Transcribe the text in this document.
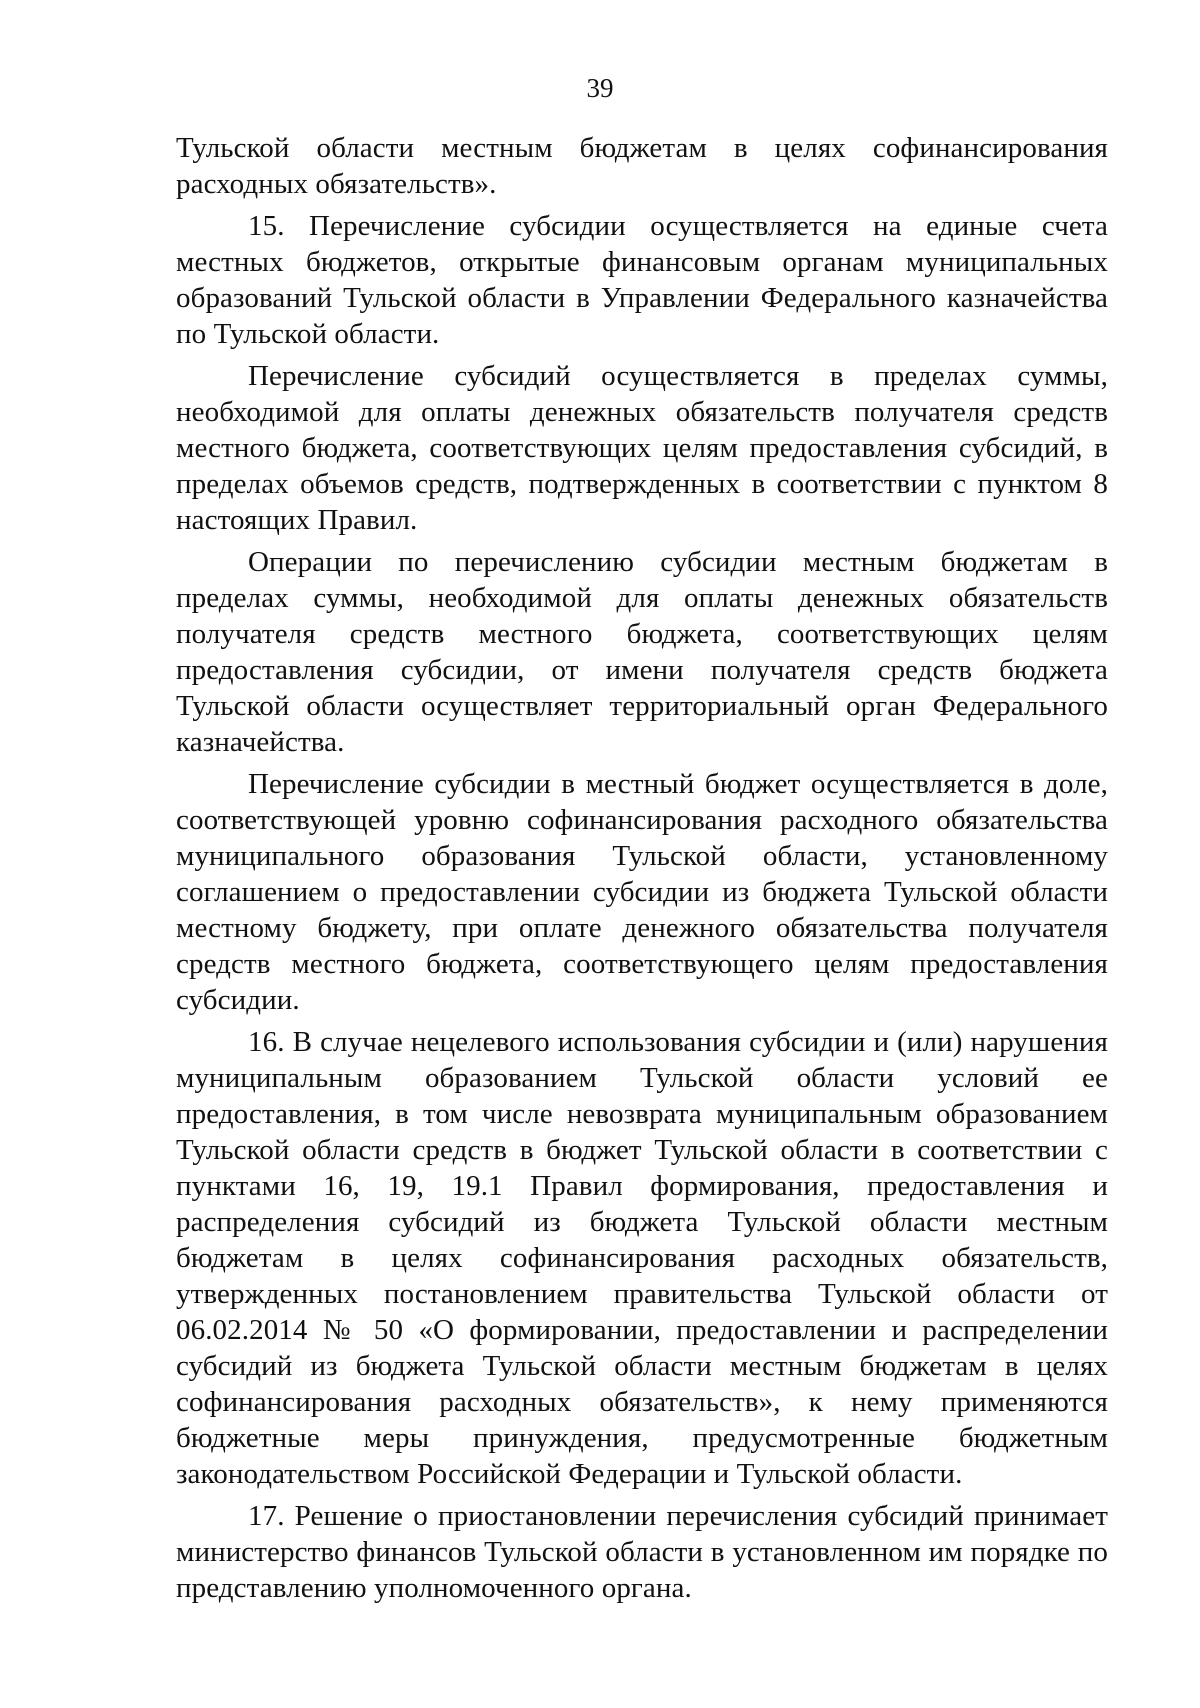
39

Тульской области местным бюджетам в целях софинансирования расходных обязательств».

15. Перечисление субсидии осуществляется на единые счета местных бюджетов, открытые финансовым органам муниципальных образований Тульской области в Управлении Федерального казначейства по Тульской области.

Перечисление субсидий осуществляется в пределах суммы, необходимой для оплаты денежных обязательств получателя средств местного бюджета, соответствующих целям предоставления субсидий, в пределах объемов средств, подтвержденных в соответствии с пунктом 8 настоящих Правил.

Операции по перечислению субсидии местным бюджетам в пределах суммы, необходимой для оплаты денежных обязательств получателя средств местного бюджета, соответствующих целям предоставления субсидии, от имени получателя средств бюджета Тульской области осуществляет территориальный орган Федерального казначейства.

Перечисление субсидии в местный бюджет осуществляется в доле, соответствующей уровню софинансирования расходного обязательства муниципального образования Тульской области, установленному соглашением о предоставлении субсидии из бюджета Тульской области местному бюджету, при оплате денежного обязательства получателя средств местного бюджета, соответствующего целям предоставления субсидии.

16. В случае нецелевого использования субсидии и (или) нарушения муниципальным образованием Тульской области условий ее предоставления, в том числе невозврата муниципальным образованием Тульской области средств в бюджет Тульской области в соответствии с пунктами 16, 19, 19.1 Правил формирования, предоставления и распределения субсидий из бюджета Тульской области местным бюджетам в целях софинансирования расходных обязательств, утвержденных постановлением правительства Тульской области от 06.02.2014 № 50 «О формировании, предоставлении и распределении субсидий из бюджета Тульской области местным бюджетам в целях софинансирования расходных обязательств», к нему применяются бюджетные меры принуждения, предусмотренные бюджетным законодательством Российской Федерации и Тульской области.

17. Решение о приостановлении перечисления субсидий принимает министерство финансов Тульской области в установленном им порядке по представлению уполномоченного органа.
